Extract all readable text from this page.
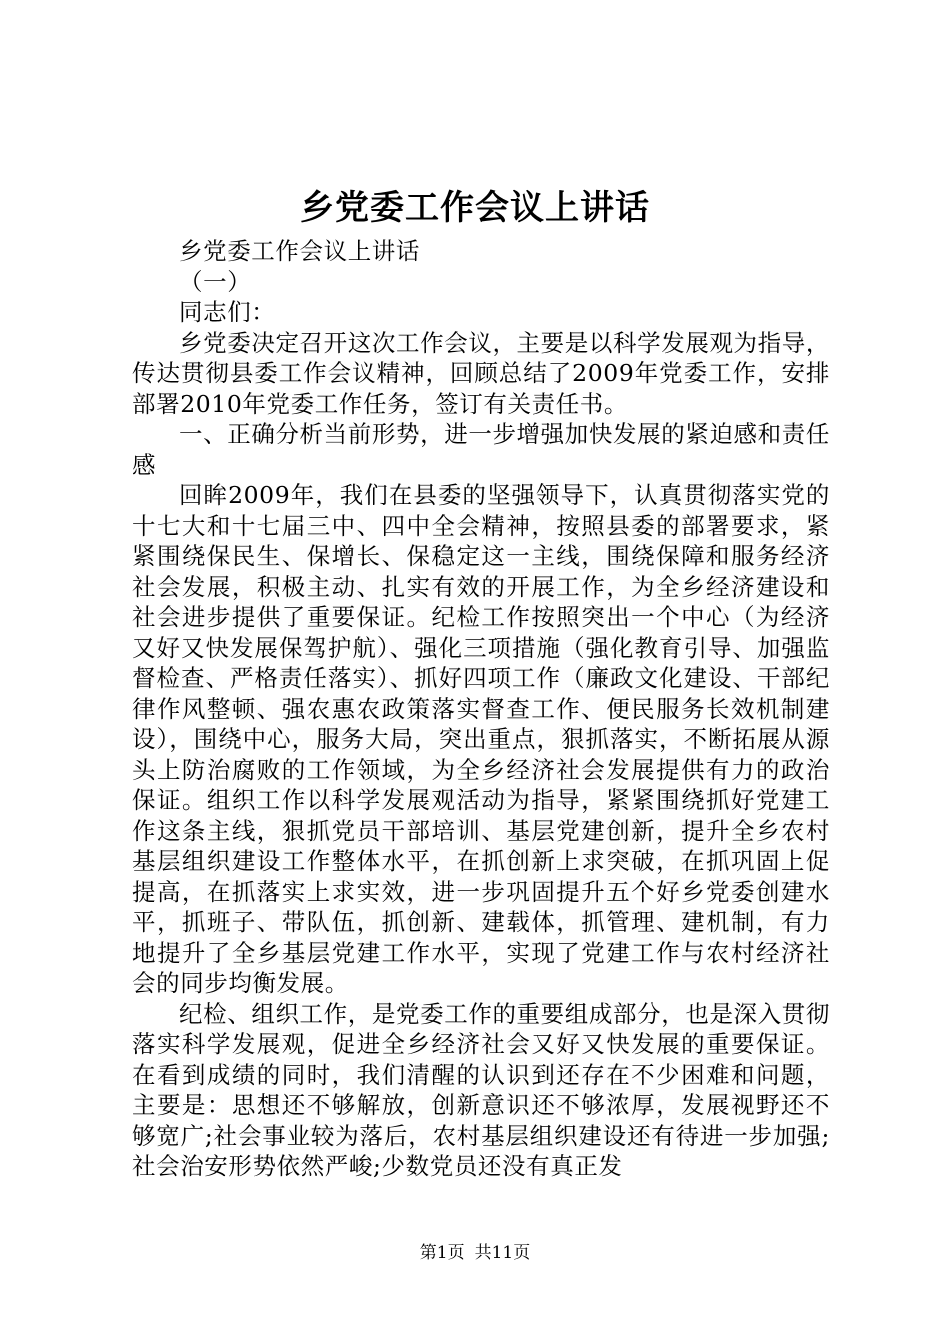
乡党委工作会议上讲话

乡党委工作会议上讲话

（一）

同志们：

乡党委决定召开这次工作会议，主要是以科学发展观为指导，传达贯彻县委工作会议精神，回顾总结了2009年党委工作，安排部署2010年党委工作任务，签订有关责任书。

一、正确分析当前形势，进一步增强加快发展的紧迫感和责任感

回眸2009年，我们在县委的坚强领导下，认真贯彻落实党的十七大和十七届三中、四中全会精神，按照县委的部署要求，紧紧围绕保民生、保增长、保稳定这一主线，围绕保障和服务经济社会发展，积极主动、扎实有效的开展工作，为全乡经济建设和社会进步提供了重要保证。纪检工作按照突出一个中心（为经济又好又快发展保驾护航）、强化三项措施（强化教育引导、加强监督检查、严格责任落实）、抓好四项工作（廉政文化建设、干部纪律作风整顿、强农惠农政策落实督查工作、便民服务长效机制建设），围绕中心，服务大局，突出重点，狠抓落实，不断拓展从源头上防治腐败的工作领域，为全乡经济社会发展提供有力的政治保证。组织工作以科学发展观活动为指导，紧紧围绕抓好党建工作这条主线，狠抓党员干部培训、基层党建创新，提升全乡农村基层组织建设工作整体水平，在抓创新上求突破，在抓巩固上促提高，在抓落实上求实效，进一步巩固提升五个好乡党委创建水平，抓班子、带队伍，抓创新、建载体，抓管理、建机制，有力地提升了全乡基层党建工作水平，实现了党建工作与农村经济社会的同步均衡发展。

纪检、组织工作，是党委工作的重要组成部分，也是深入贯彻落实科学发展观，促进全乡经济社会又好又快发展的重要保证。在看到成绩的同时，我们清醒的认识到还存在不少困难和问题，主要是：思想还不够解放，创新意识还不够浓厚，发展视野还不够宽广;社会事业较为落后，农村基层组织建设还有待进一步加强;社会治安形势依然严峻;少数党员还没有真正发

第1页 共11页
